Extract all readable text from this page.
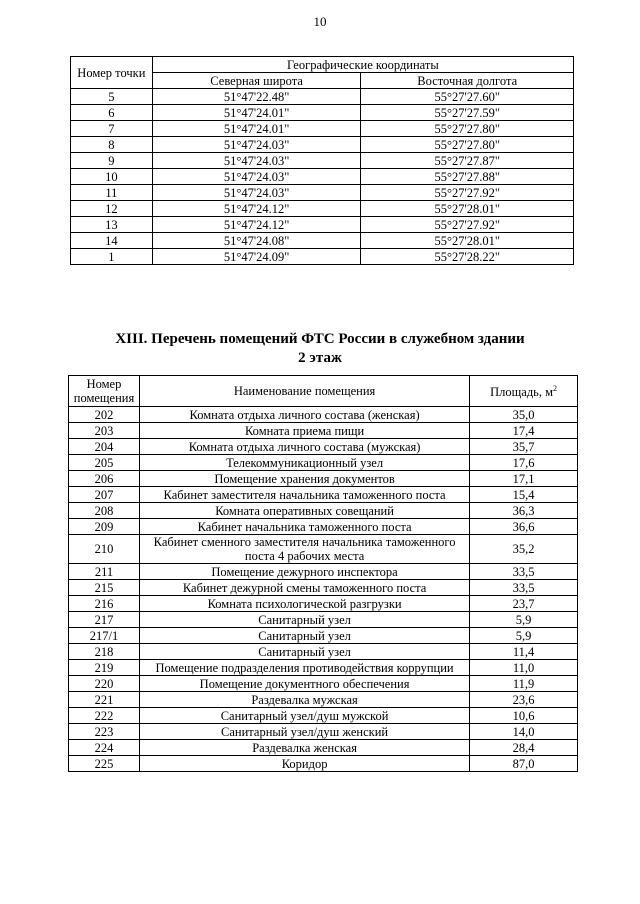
10
Номер точки	Географические координаты	
	Северная широта	Восточная долгота
5	51°47'22.48"	55°27'27.60"
6	51°47'24.01"	55°27'27.59"
7	51°47'24.01"	55°27'27.80"
8	51°47'24.03"	55°27'27.80"
9	51°47'24.03"	55°27'27.87"
10	51°47'24.03"	55°27'27.88"
11	51°47'24.03"	55°27'27.92"
12	51°47'24.12"	55°27'28.01"
13	51°47'24.12"	55°27'27.92"
14	51°47'24.08"	55°27'28.01"
1	51°47'24.09"	55°27'28.22"
XIII. Перечень помещений ФТС России в служебном здании
2 этаж
Номер помещения	Наименование помещения	Площадь, $м^2$
202	Комната отдыха личного состава (женская)	35,0
203	Комната приема пищи	17,4
204	Комната отдыха личного состава (мужская)	35,7
205	Телекоммуникационный узел	17,6
206	Помещение хранения документов	17,1
207	Кабинет заместителя начальника таможенного поста	15,4
208	Комната оперативных совещаний	36,3
209	Кабинет начальника таможенного поста	36,6
210	Кабинет сменного заместителя начальника таможенного поста 4 рабочих места	35,2
211	Помещение дежурного инспектора	33,5
215	Кабинет дежурной смены таможенного поста	33,5
216	Комната психологической разгрузки	23,7
217	Санитарный узел	5,9
217/1	Санитарный узел	5,9
218	Санитарный узел	11,4
219	Помещение подразделения противодействия коррупции	11,0
220	Помещение документного обеспечения	11,9
221	Раздевалка мужская	23,6
222	Санитарный узел/душ мужской	10,6
223	Санитарный узел/душ женский	14,0
224	Раздевалка женская	28,4
225	Коридор	87,0
